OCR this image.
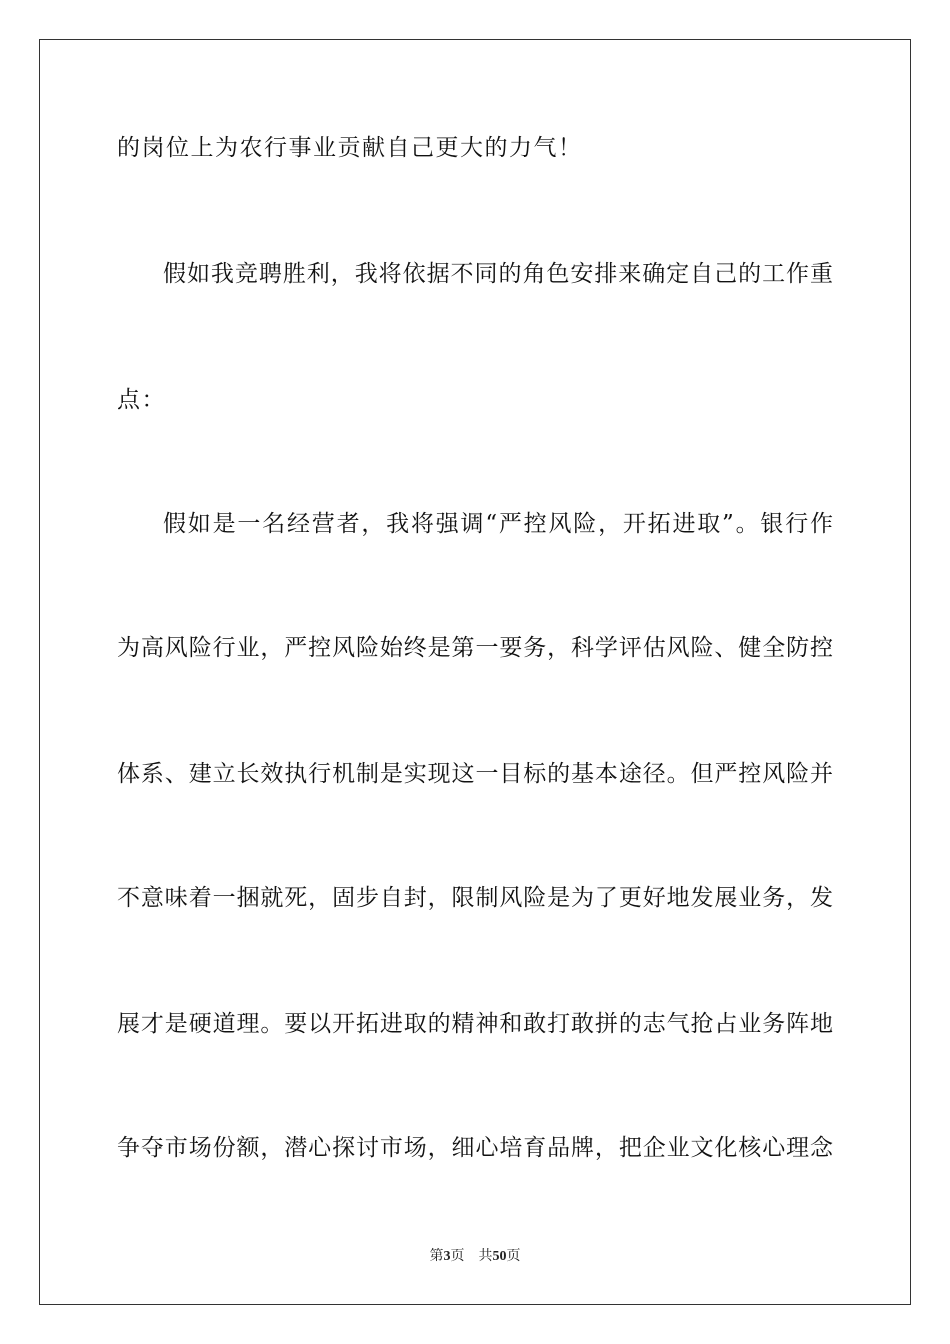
的岗位上为农行事业贡献自己更大的力气！
假如我竞聘胜利，我将依据不同的角色安排来确定自己的工作重
点：
假如是一名经营者，我将强调“严控风险，开拓进取”。银行作
为高风险行业，严控风险始终是第一要务，科学评估风险、健全防控
体系、建立长效执行机制是实现这一目标的基本途径。但严控风险并
不意味着一捆就死，固步自封，限制风险是为了更好地发展业务，发
展才是硬道理。要以开拓进取的精神和敢打敢拼的志气抢占业务阵地
争夺市场份额，潜心探讨市场，细心培育品牌，把企业文化核心理念
第3页 共50页
